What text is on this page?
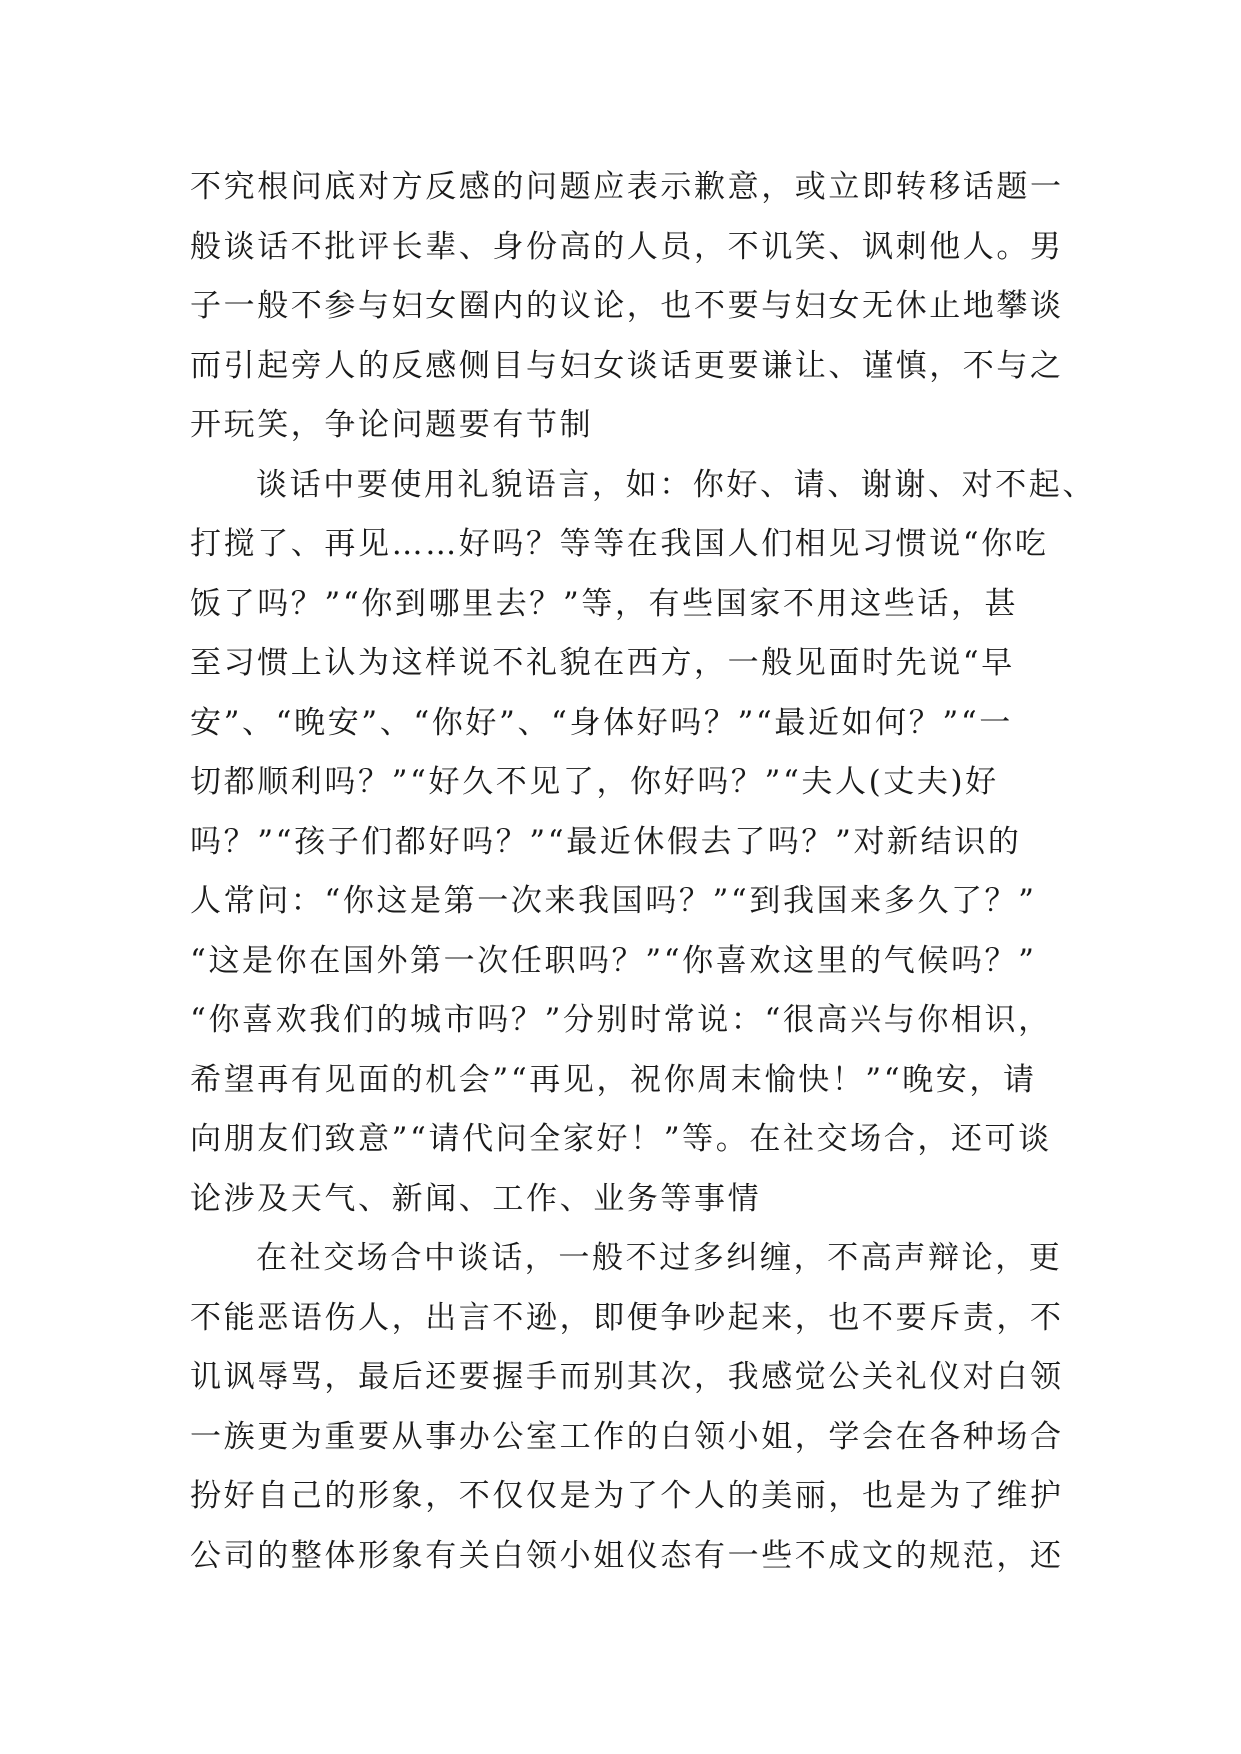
不究根问底对方反感的问题应表示歉意，或立即转移话题一
般谈话不批评长辈、身份高的人员，不讥笑、讽刺他人。男
子一般不参与妇女圈内的议论，也不要与妇女无休止地攀谈
而引起旁人的反感侧目与妇女谈话更要谦让、谨慎，不与之
开玩笑，争论问题要有节制
谈话中要使用礼貌语言，如：你好、请、谢谢、对不起、
打搅了、再见……好吗？等等在我国人们相见习惯说“你吃
饭了吗？”“你到哪里去？”等，有些国家不用这些话，甚
至习惯上认为这样说不礼貌在西方，一般见面时先说“早
安”、“晚安”、“你好”、“身体好吗？”“最近如何？”“一
切都顺利吗？”“好久不见了，你好吗？”“夫人(丈夫)好
吗？”“孩子们都好吗？”“最近休假去了吗？”对新结识的
人常问：“你这是第一次来我国吗？”“到我国来多久了？”
“这是你在国外第一次任职吗？”“你喜欢这里的气候吗？”
“你喜欢我们的城市吗？”分别时常说：“很高兴与你相识，
希望再有见面的机会”“再见，祝你周末愉快！”“晚安，请
向朋友们致意”“请代问全家好！”等。在社交场合，还可谈
论涉及天气、新闻、工作、业务等事情
在社交场合中谈话，一般不过多纠缠，不高声辩论，更
不能恶语伤人，出言不逊，即便争吵起来，也不要斥责，不
讥讽辱骂，最后还要握手而别其次，我感觉公关礼仪对白领
一族更为重要从事办公室工作的白领小姐，学会在各种场合
扮好自己的形象，不仅仅是为了个人的美丽，也是为了维护
公司的整体形象有关白领小姐仪态有一些不成文的规范，还
